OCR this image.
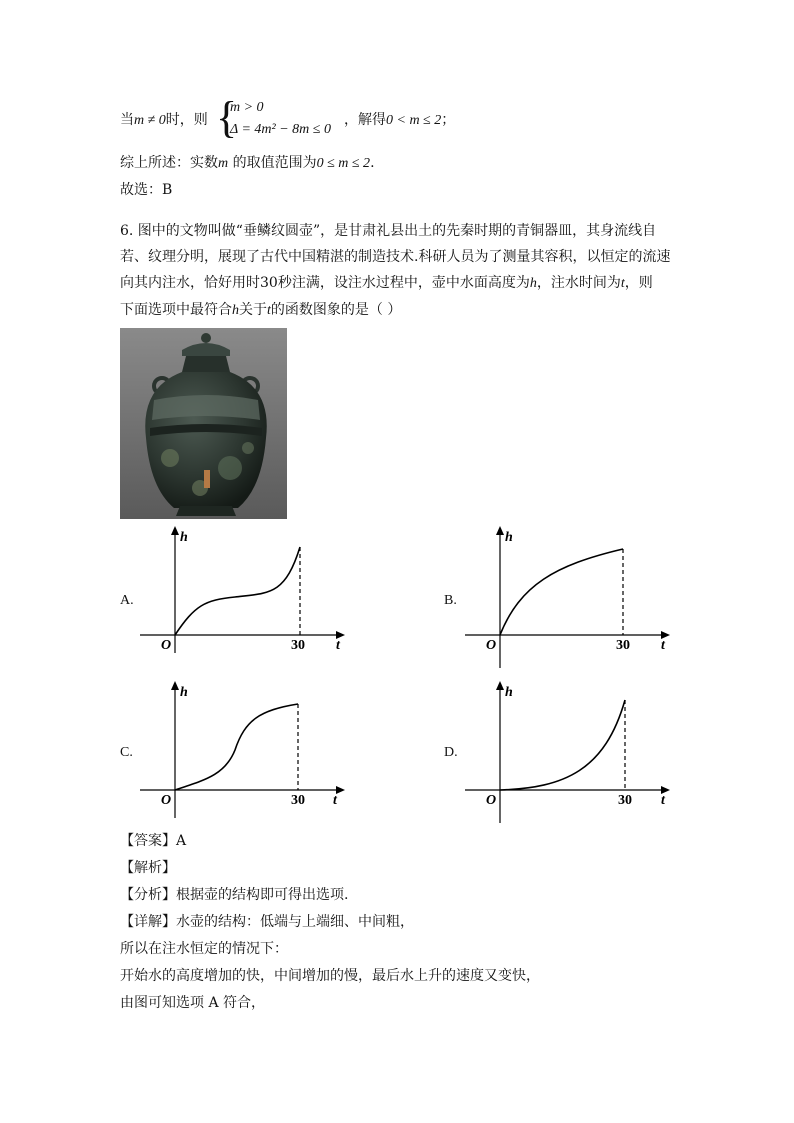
当m ≠ 0时，则 {
m > 0
Δ = 4m² − 8m ≤ 0
，解得0 < m ≤ 2；
综上所述：实数m 的取值范围为0 ≤ m ≤ 2.
故选：B

6. 图中的文物叫做“垂鳞纹圆壶”，是甘肃礼县出土的先秦时期的青铜器皿，其身流线自

若、纹理分明，展现了古代中国精湛的制造技术.科研人员为了测量其容积，以恒定的流速

向其内注水，恰好用时30秒注满，设注水过程中，壶中水面高度为h，注水时间为t，则

下面选项中最符合h关于t的函数图象的是（ ）

A.	B.
C.	D.
h
t
O	30
h
t
O	30
h
t
O	30
h
t
O	30
【答案】A
【解析】
【分析】根据壶的结构即可得出选项.
【详解】水壶的结构：低端与上端细、中间粗，
所以在注水恒定的情况下：
开始水的高度增加的快，中间增加的慢，最后水上升的速度又变快，
由图可知选项 A 符合，
